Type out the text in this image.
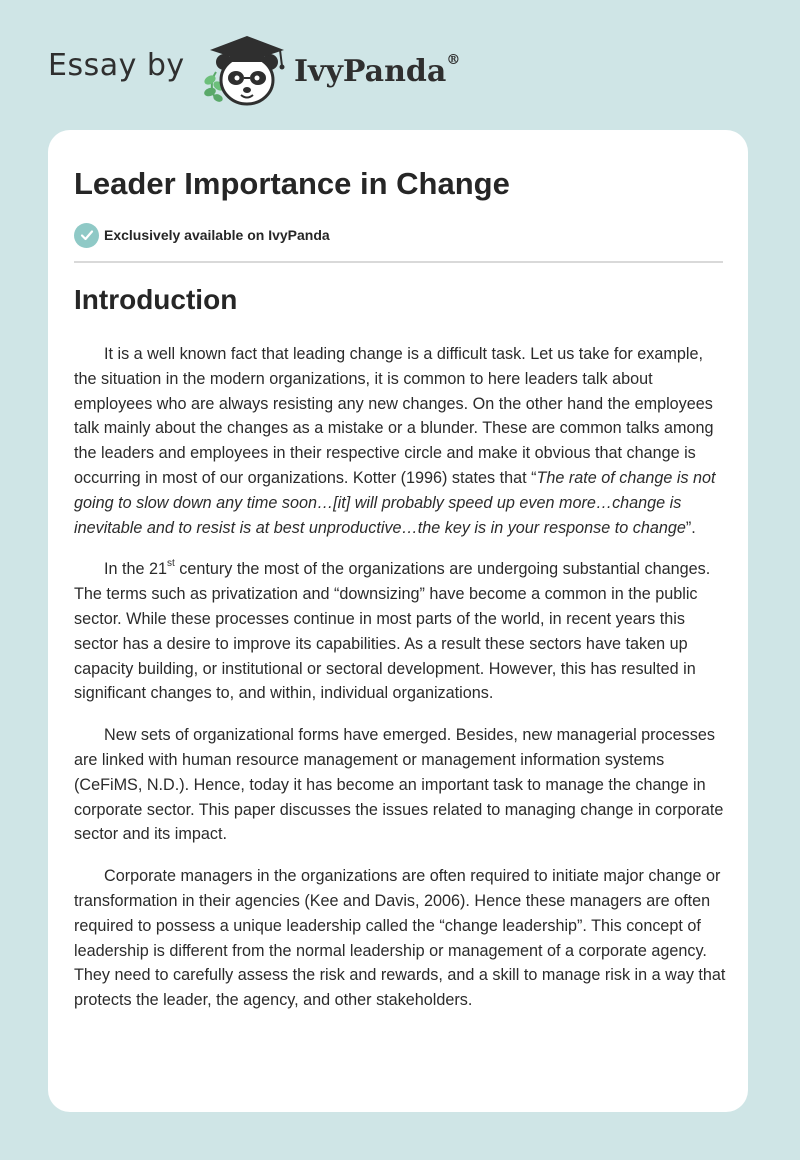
Essay by	IvyPanda®
Leader Importance in Change
Exclusively available on IvyPanda
Introduction

It is a well known fact that leading change is a difficult task. Let us take for example, the situation in the modern organizations, it is common to here leaders talk about employees who are always resisting any new changes. On the other hand the employees talk mainly about the changes as a mistake or a blunder. These are common talks among the leaders and employees in their respective circle and make it obvious that change is occurring in most of our organizations. Kotter (1996) states that “The rate of change is not going to slow down any time soon…[it] will probably speed up even more…change is inevitable and to resist is at best unproductive…the key is in your response to change”.

In the 21st century the most of the organizations are undergoing substantial changes. The terms such as privatization and “downsizing” have become a common in the public sector. While these processes continue in most parts of the world, in recent years this sector has a desire to improve its capabilities. As a result these sectors have taken up capacity building, or institutional or sectoral development. However, this has resulted in significant changes to, and within, individual organizations.

New sets of organizational forms have emerged. Besides, new managerial processes are linked with human resource management or management information systems (CeFiMS, N.D.). Hence, today it has become an important task to manage the change in corporate sector. This paper discusses the issues related to managing change in corporate sector and its impact.

Corporate managers in the organizations are often required to initiate major change or transformation in their agencies (Kee and Davis, 2006). Hence these managers are often required to possess a unique leadership called the “change leadership”. This concept of leadership is different from the normal leadership or management of a corporate agency. They need to carefully assess the risk and rewards, and a skill to manage risk in a way that protects the leader, the agency, and other stakeholders.
